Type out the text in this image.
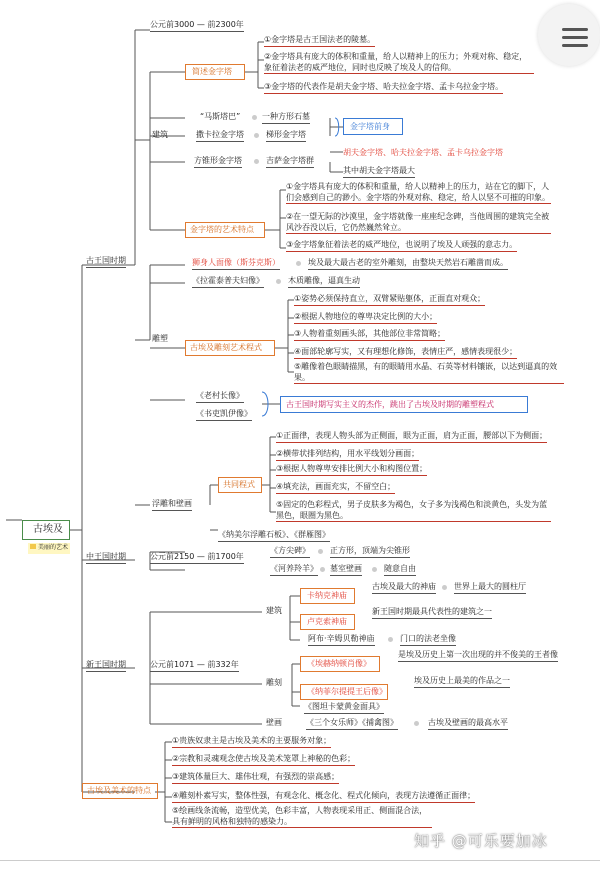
古埃及
美丽的艺术
古王国时期
公元前3000 — 前2300年
建筑
简述金字塔
①金字塔是古王国法老的陵墓。
②金字塔具有庞大的体积和重量，给人以精神上的压力；外观对称、稳定，象征着法老的威严地位，同时也反映了埃及人的信仰。
③金字塔的代表作是胡夫金字塔、哈夫拉金字塔、孟卡乌拉金字塔。
“马斯塔巴”	一种方形石墓
撒卡拉金字塔	梯形金字塔
金字塔前身
方锥形金字塔	吉萨金字塔群
胡夫金字塔、哈夫拉金字塔、孟卡乌拉金字塔
其中胡夫金字塔最大
金字塔的艺术特点
①金字塔具有庞大的体积和重量，给人以精神上的压力，站在它的脚下，人们会感到自己的渺小。金字塔的外观对称、稳定，给人以坚不可摧的印象。
②在一望无际的沙漠里，金字塔就像一座座纪念碑，当他周围的建筑完全被风沙吞没以后，它仍然巍然耸立。
③金字塔象征着法老的威严地位，也说明了埃及人顽强的意志力。
雕塑
狮身人面像（斯芬克斯）	埃及最大最古老的室外雕刻，由整块天然岩石雕凿而成。
《拉霍泰普夫妇像》	木质雕像，逼真生动
古埃及雕刻艺术程式
①姿势必须保持直立，双臂紧贴躯体，正面直对观众；
②根据人物地位的尊卑决定比例的大小；
③人物着重刻画头部，其他部位非常简略；
④面部轮廓写实，又有理想化修饰，表情庄严，感情表现很少；
⑤雕像着色眼睛描黑，有的眼睛用水晶、石英等材料镶嵌，以达到逼真的效果。
《老村长像》
《书吏凯伊像》
古王国时期写实主义的杰作，跳出了古埃及时期的雕塑程式
浮雕和壁画
共同程式
①正面律，表现人物头部为正侧面，眼为正面，肩为正面，腰部以下为侧面；
②横带状排列结构，用水平线划分画面；
③根据人物尊卑安排比例大小和构图位置；
④填充法，画面充实，不留空白；
⑤固定的色彩程式，男子皮肤多为褐色，女子多为浅褐色和淡黄色，头发为蓝黑色，眼圈为黑色。
《纳美尔浮雕石板》、《群雁图》
中王国时期	公元前2150 — 前1700年
《方尖碑》	正方形，顶端为尖锥形
《河养羚羊》 墓室壁画	随意自由
新王国时期	公元前1071 — 前332年
建筑
卡纳克神庙
古埃及最大的神庙 世界上最大的圆柱厅
卢克索神庙
新王国时期最具代表性的建筑之一
阿布·辛姆贝勒神庙	门口的法老坐像
雕刻
《埃赫纳顿肖像》
是埃及历史上第一次出现的并不俊美的王者像
《纳菲尔提提王后像》
埃及历史上最美的作品之一
《图坦卡蒙黄金面具》
壁画	《三个女乐师》《捕禽图》	古埃及壁画的最高水平
古埃及美术的特点
①贵族奴隶主是古埃及美术的主要服务对象；
②宗教和灵魂观念使古埃及美术笼罩上神秘的色彩；
③建筑体量巨大、雄伟壮观，有强烈的崇高感；
④雕刻朴素写实，整体性强，有观念化、概念化、程式化倾向，表现方法遵循正面律；
⑤绘画线条流畅，造型优美，色彩丰富，人物表现采用正、侧面混合法，具有鲜明的风格和独特的感染力。
知乎 @可乐要加冰
